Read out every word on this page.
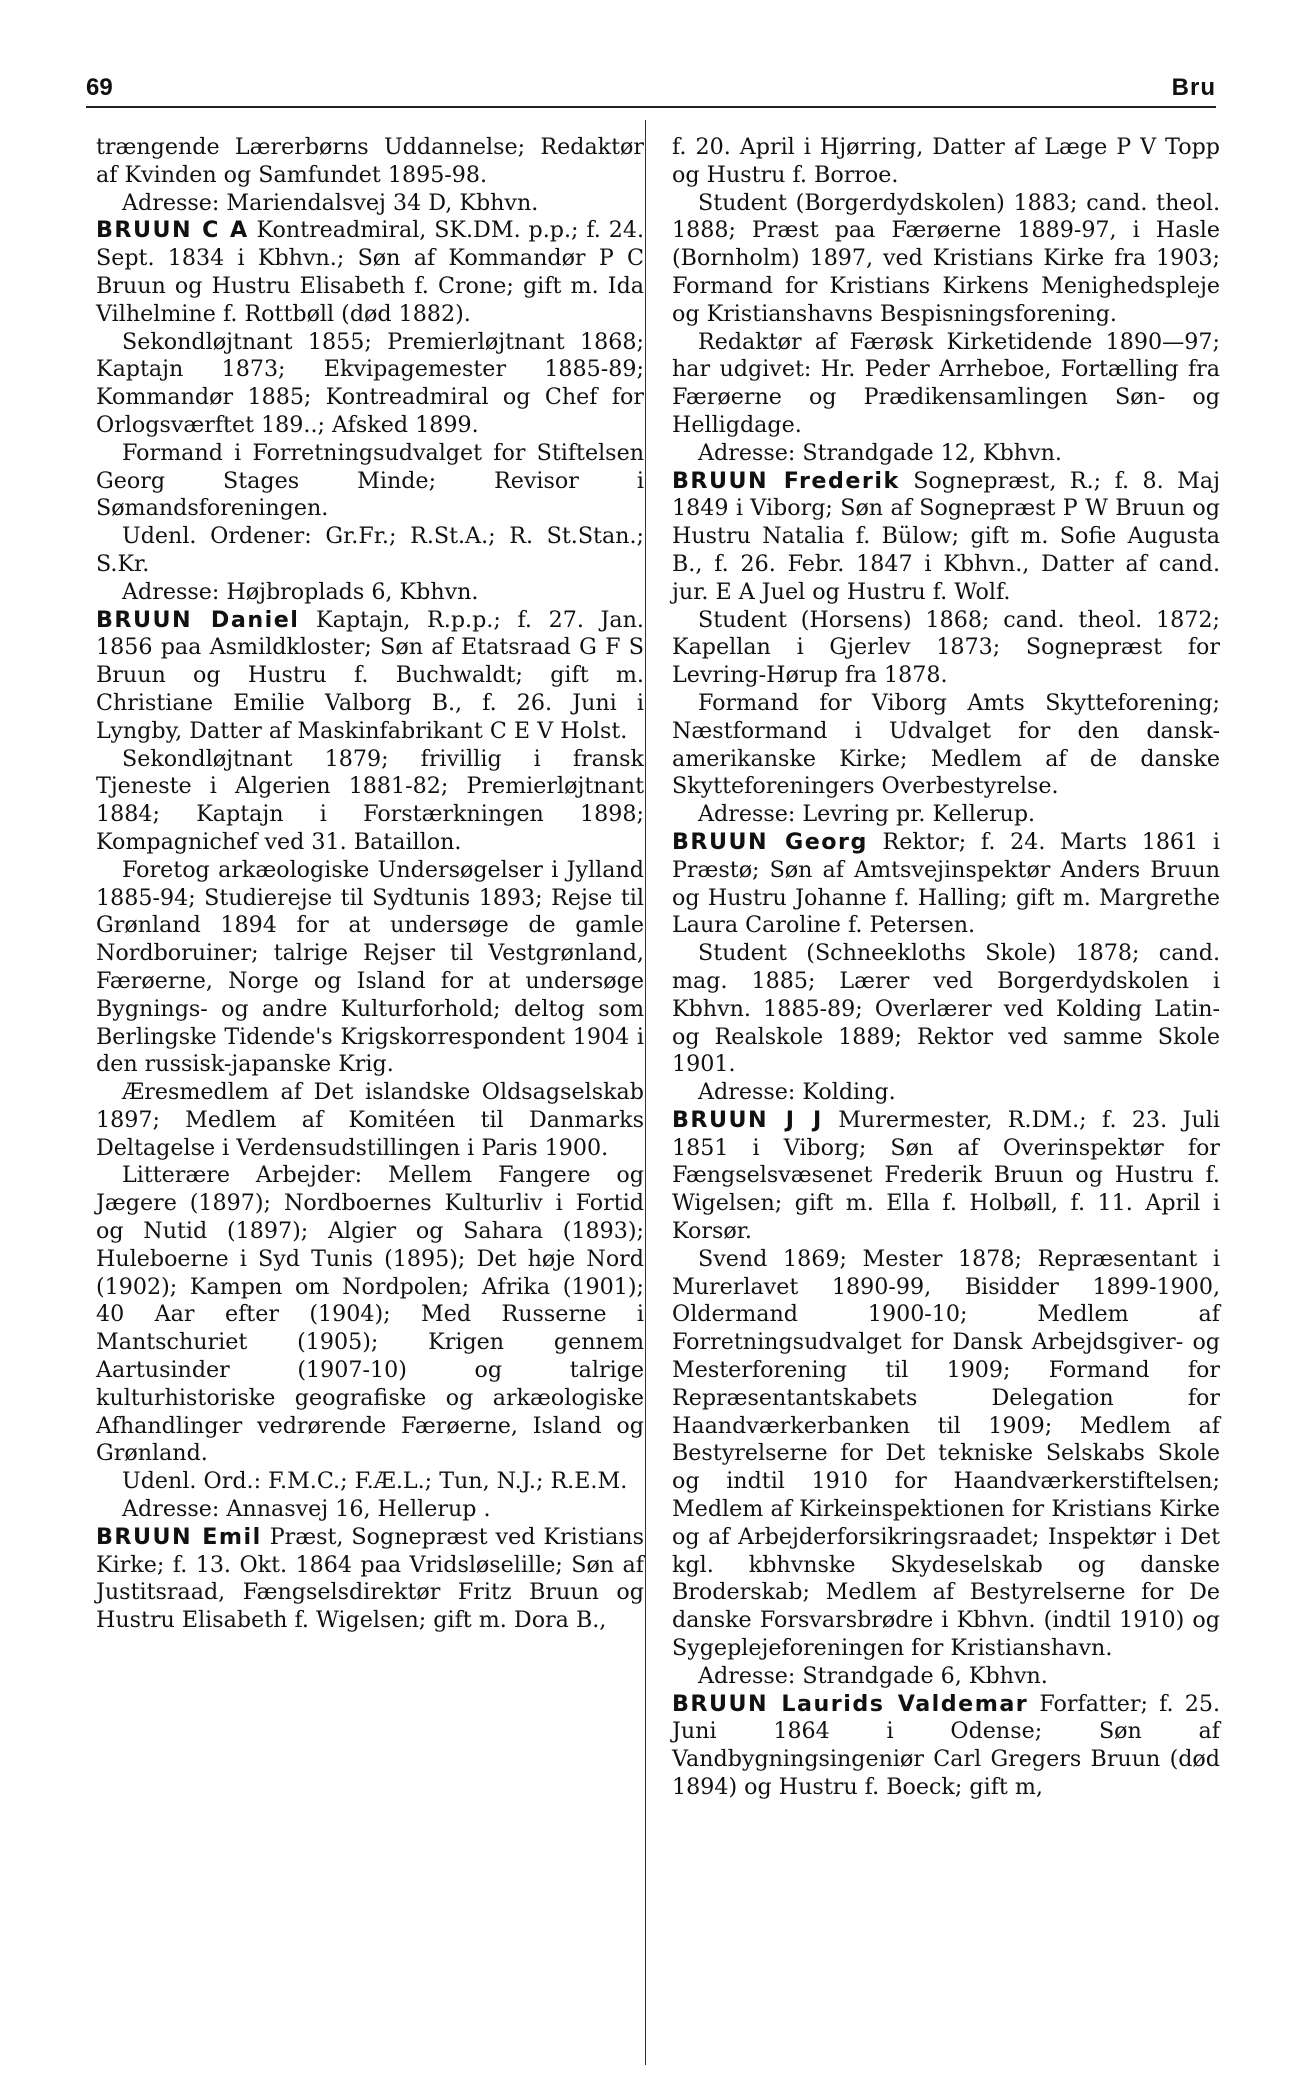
69	Bru

trængende Lærerbørns Uddannelse; Redaktør af Kvinden og Samfundet 1895-98.

Adresse: Mariendalsvej 34 D, Kbhvn.

BRUUN C A Kontreadmiral, SK.DM. p.p.; f. 24. Sept. 1834 i Kbhvn.; Søn af Kommandør P C Bruun og Hustru Elisabeth f. Crone; gift m. Ida Vilhelmine f. Rottbøll (død 1882).

Sekondløjtnant 1855; Premierløjtnant 1868; Kaptajn 1873; Ekvipagemester 1885-89; Kommandør 1885; Kontreadmiral og Chef for Orlogsværftet 189..; Afsked 1899.

Formand i Forretningsudvalget for Stiftelsen Georg Stages Minde; Revisor i Sømandsforeningen.

Udenl. Ordener: Gr.Fr.; R.St.A.; R. St.Stan.; S.Kr.

Adresse: Højbroplads 6, Kbhvn.

BRUUN Daniel Kaptajn, R.p.p.; f. 27. Jan. 1856 paa Asmildkloster; Søn af Etatsraad G F S Bruun og Hustru f. Buchwaldt; gift m. Christiane Emilie Valborg B., f. 26. Juni i Lyngby, Datter af Maskinfabrikant C E V Holst.

Sekondløjtnant 1879; frivillig i fransk Tjeneste i Algerien 1881-82; Premierløjtnant 1884; Kaptajn i Forstærkningen 1898; Kompagnichef ved 31. Bataillon.

Foretog arkæologiske Undersøgelser i Jylland 1885-94; Studierejse til Sydtunis 1893; Rejse til Grønland 1894 for at undersøge de gamle Nordboruiner; talrige Rejser til Vestgrønland, Færøerne, Norge og Island for at undersøge Bygnings- og andre Kulturforhold; deltog som Berlingske Tidende's Krigskorrespondent 1904 i den russisk-japanske Krig.

Æresmedlem af Det islandske Oldsagselskab 1897; Medlem af Komitéen til Danmarks Deltagelse i Verdensudstillingen i Paris 1900.

Litterære Arbejder: Mellem Fangere og Jægere (1897); Nordboernes Kulturliv i Fortid og Nutid (1897); Algier og Sahara (1893); Huleboerne i Syd Tunis (1895); Det høje Nord (1902); Kampen om Nordpolen; Afrika (1901); 40 Aar efter (1904); Med Russerne i Mantschuriet (1905); Krigen gennem Aartusinder (1907-10) og talrige kulturhistoriske geografiske og arkæologiske Afhandlinger vedrørende Færøerne, Island og Grønland.

Udenl. Ord.: F.M.C.; F.Æ.L.; Tun, N.J.; R.E.M.

Adresse: Annasvej 16, Hellerup .

BRUUN Emil Præst, Sognepræst ved Kristians Kirke; f. 13. Okt. 1864 paa Vridsløselille; Søn af Justitsraad, Fængselsdirektør Fritz Bruun og Hustru Elisabeth f. Wigelsen; gift m. Dora B.,

f. 20. April i Hjørring, Datter af Læge P V Topp og Hustru f. Borroe.

Student (Borgerdydskolen) 1883; cand. theol. 1888; Præst paa Færøerne 1889-97, i Hasle (Bornholm) 1897, ved Kristians Kirke fra 1903; Formand for Kristians Kirkens Menighedspleje og Kristianshavns Bespisningsforening.

Redaktør af Færøsk Kirketidende 1890—97; har udgivet: Hr. Peder Arrheboe, Fortælling fra Færøerne og Prædikensamlingen Søn- og Helligdage.

Adresse: Strandgade 12, Kbhvn.

BRUUN Frederik Sognepræst, R.; f. 8. Maj 1849 i Viborg; Søn af Sognepræst P W Bruun og Hustru Natalia f. Bülow; gift m. Sofie Augusta B., f. 26. Febr. 1847 i Kbhvn., Datter af cand. jur. E A Juel og Hustru f. Wolf.

Student (Horsens) 1868; cand. theol. 1872; Kapellan i Gjerlev 1873; Sognepræst for Levring-Hørup fra 1878.

Formand for Viborg Amts Skytteforening; Næstformand i Udvalget for den dansk-amerikanske Kirke; Medlem af de danske Skytteforeningers Overbestyrelse.

Adresse: Levring pr. Kellerup.

BRUUN Georg Rektor; f. 24. Marts 1861 i Præstø; Søn af Amtsvejinspektør Anders Bruun og Hustru Johanne f. Halling; gift m. Margrethe Laura Caroline f. Petersen.

Student (Schneekloths Skole) 1878; cand. mag. 1885; Lærer ved Borgerdydskolen i Kbhvn. 1885-89; Overlærer ved Kolding Latin- og Realskole 1889; Rektor ved samme Skole 1901.

Adresse: Kolding.

BRUUN J J Murermester, R.DM.; f. 23. Juli 1851 i Viborg; Søn af Overinspektør for Fængselsvæsenet Frederik Bruun og Hustru f. Wigelsen; gift m. Ella f. Holbøll, f. 11. April i Korsør.

Svend 1869; Mester 1878; Repræsentant i Murerlavet 1890-99, Bisidder 1899-1900, Oldermand 1900-10; Medlem af Forretningsudvalget for Dansk Arbejdsgiver- og Mesterforening til 1909; Formand for Repræsentantskabets Delegation for Haandværkerbanken til 1909; Medlem af Bestyrelserne for Det tekniske Selskabs Skole og indtil 1910 for Haandværkerstiftelsen; Medlem af Kirkeinspektionen for Kristians Kirke og af Arbejderforsikringsraadet; Inspektør i Det kgl. kbhvnske Skydeselskab og danske Broderskab; Medlem af Bestyrelserne for De danske Forsvarsbrødre i Kbhvn. (indtil 1910) og Sygeplejeforeningen for Kristianshavn.

Adresse: Strandgade 6, Kbhvn.

BRUUN Laurids Valdemar Forfatter; f. 25. Juni 1864 i Odense; Søn af Vandbygningsingeniør Carl Gregers Bruun (død 1894) og Hustru f. Boeck; gift m,
